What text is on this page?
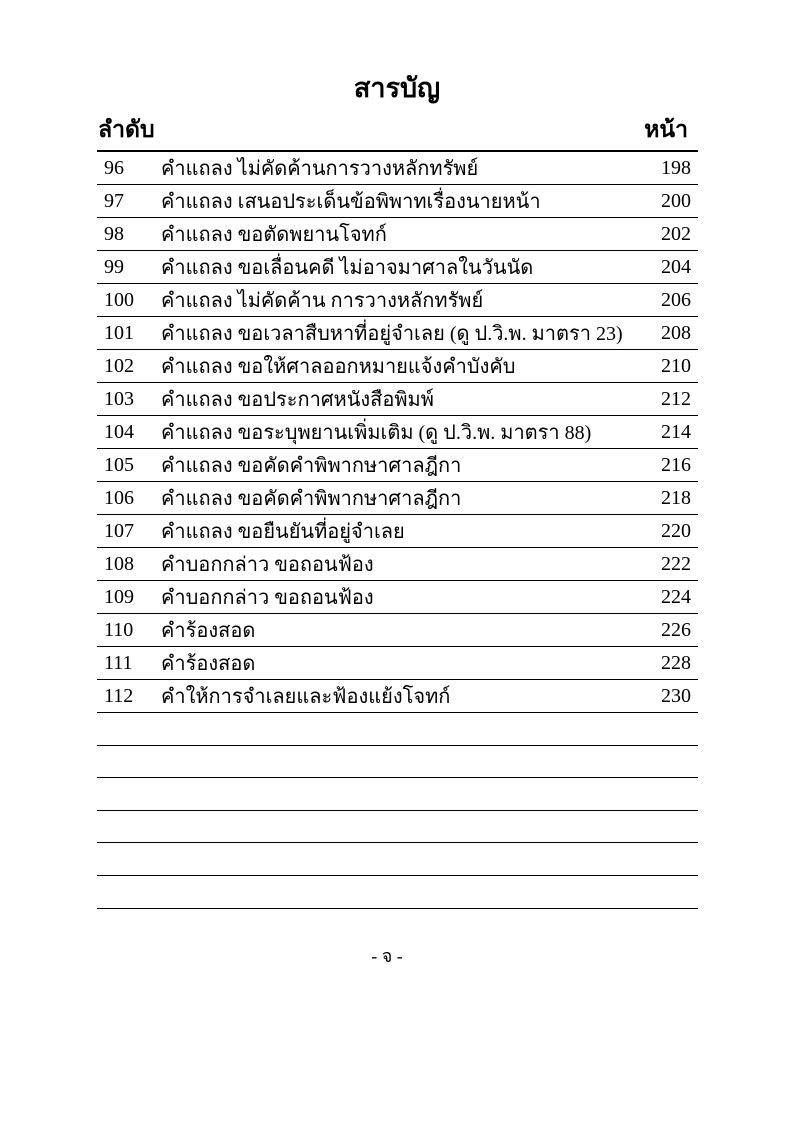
สารบัญ
ลำดับ	หน้า
96	คำแถลง ไม่คัดค้านการวางหลักทรัพย์	198
97	คำแถลง เสนอประเด็นข้อพิพาทเรื่องนายหน้า	200
98	คำแถลง ขอตัดพยานโจทก์	202
99	คำแถลง ขอเลื่อนคดี ไม่อาจมาศาลในวันนัด	204
100	คำแถลง ไม่คัดค้าน การวางหลักทรัพย์	206
101	คำแถลง ขอเวลาสืบหาที่อยู่จำเลย (ดู ป.วิ.พ. มาตรา 23)	208
102	คำแถลง ขอให้ศาลออกหมายแจ้งคำบังคับ	210
103	คำแถลง ขอประกาศหนังสือพิมพ์	212
104	คำแถลง ขอระบุพยานเพิ่มเติม (ดู ป.วิ.พ. มาตรา 88)	214
105	คำแถลง ขอคัดคำพิพากษาศาลฎีกา	216
106	คำแถลง ขอคัดคำพิพากษาศาลฎีกา	218
107	คำแถลง ขอยืนยันที่อยู่จำเลย	220
108	คำบอกกล่าว ขอถอนฟ้อง	222
109	คำบอกกล่าว ขอถอนฟ้อง	224
110	คำร้องสอด	226
111	คำร้องสอด	228
112	คำให้การจำเลยและฟ้องแย้งโจทก์	230
- จ -
